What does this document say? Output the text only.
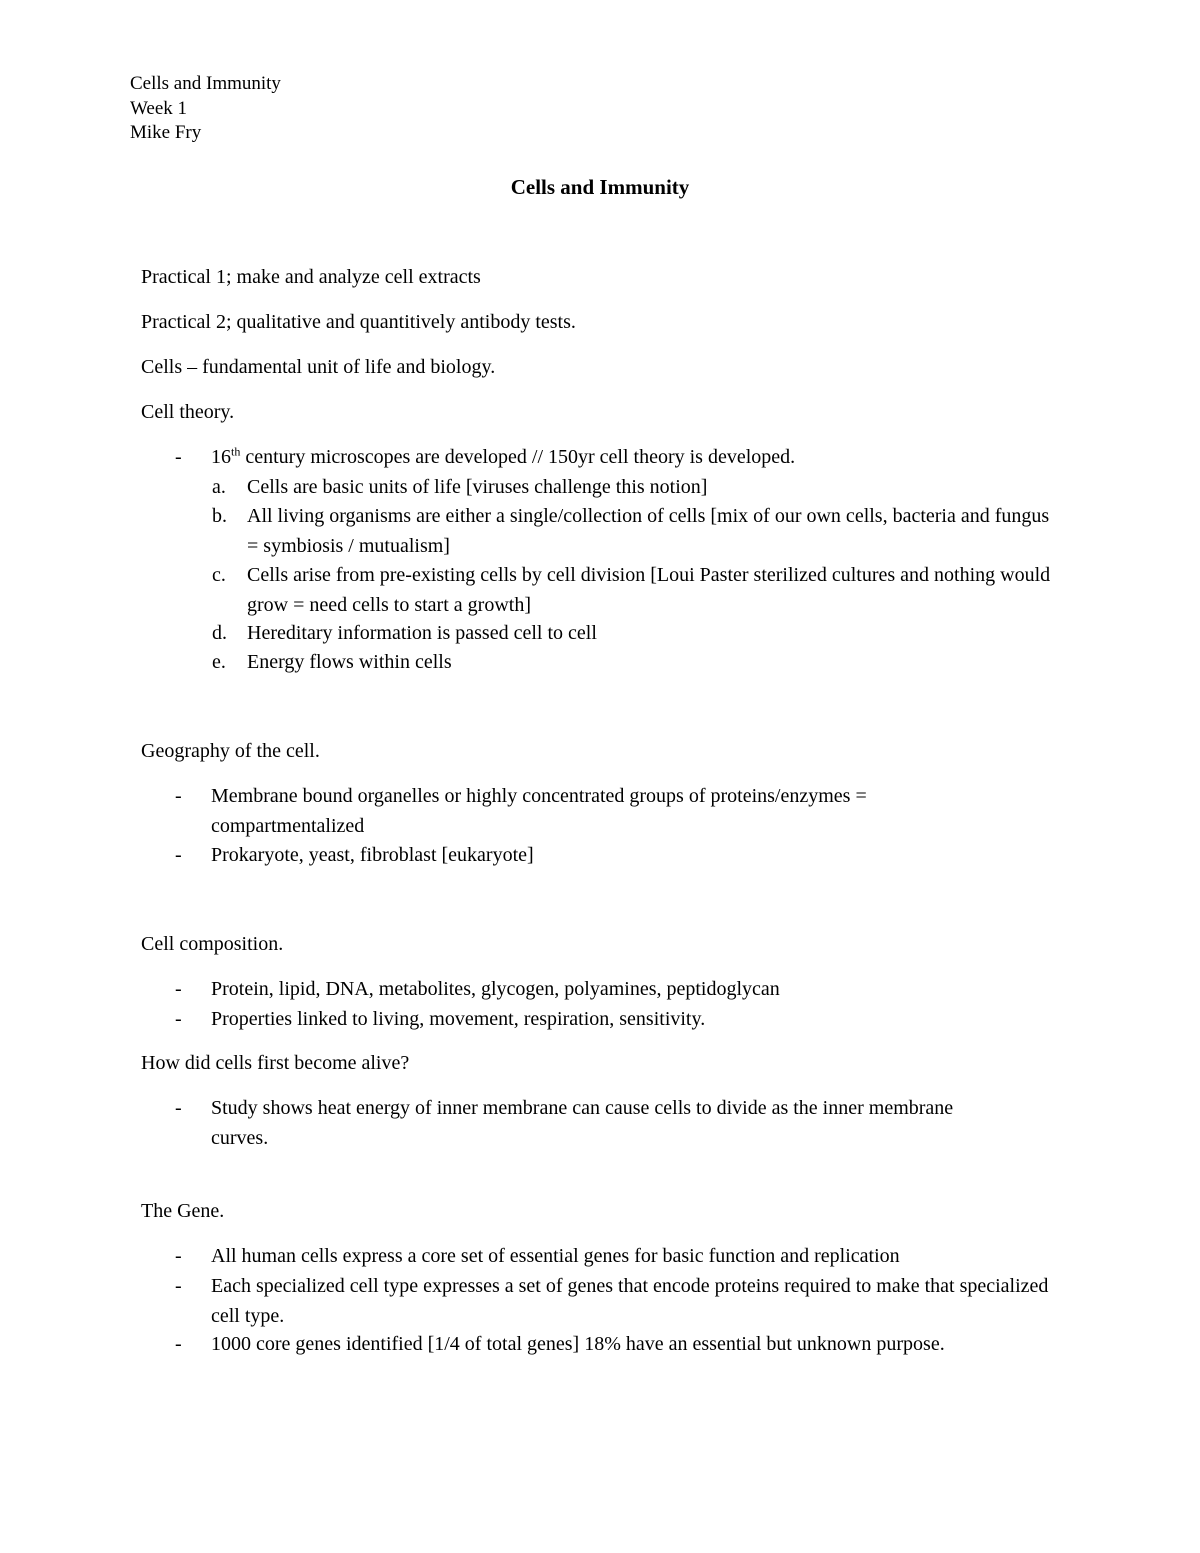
Cells and Immunity
Week 1
Mike Fry
Cells and Immunity
Practical 1; make and analyze cell extracts
Practical 2; qualitative and quantitively antibody tests.
Cells – fundamental unit of life and biology.
Cell theory.
- 16th century microscopes are developed // 150yr cell theory is developed.
a. Cells are basic units of life [viruses challenge this notion]
b. All living organisms are either a single/collection of cells [mix of our own cells, bacteria and fungus = symbiosis / mutualism]
c. Cells arise from pre-existing cells by cell division [Loui Paster sterilized cultures and nothing would grow = need cells to start a growth]
d. Hereditary information is passed cell to cell
e. Energy flows within cells
Geography of the cell.
- Membrane bound organelles or highly concentrated groups of proteins/enzymes = compartmentalized
- Prokaryote, yeast, fibroblast [eukaryote]
Cell composition.
- Protein, lipid, DNA, metabolites, glycogen, polyamines, peptidoglycan
- Properties linked to living, movement, respiration, sensitivity.
How did cells first become alive?
- Study shows heat energy of inner membrane can cause cells to divide as the inner membrane curves.
The Gene.
- All human cells express a core set of essential genes for basic function and replication
- Each specialized cell type expresses a set of genes that encode proteins required to make that specialized cell type.
- 1000 core genes identified [1/4 of total genes] 18% have an essential but unknown purpose.
